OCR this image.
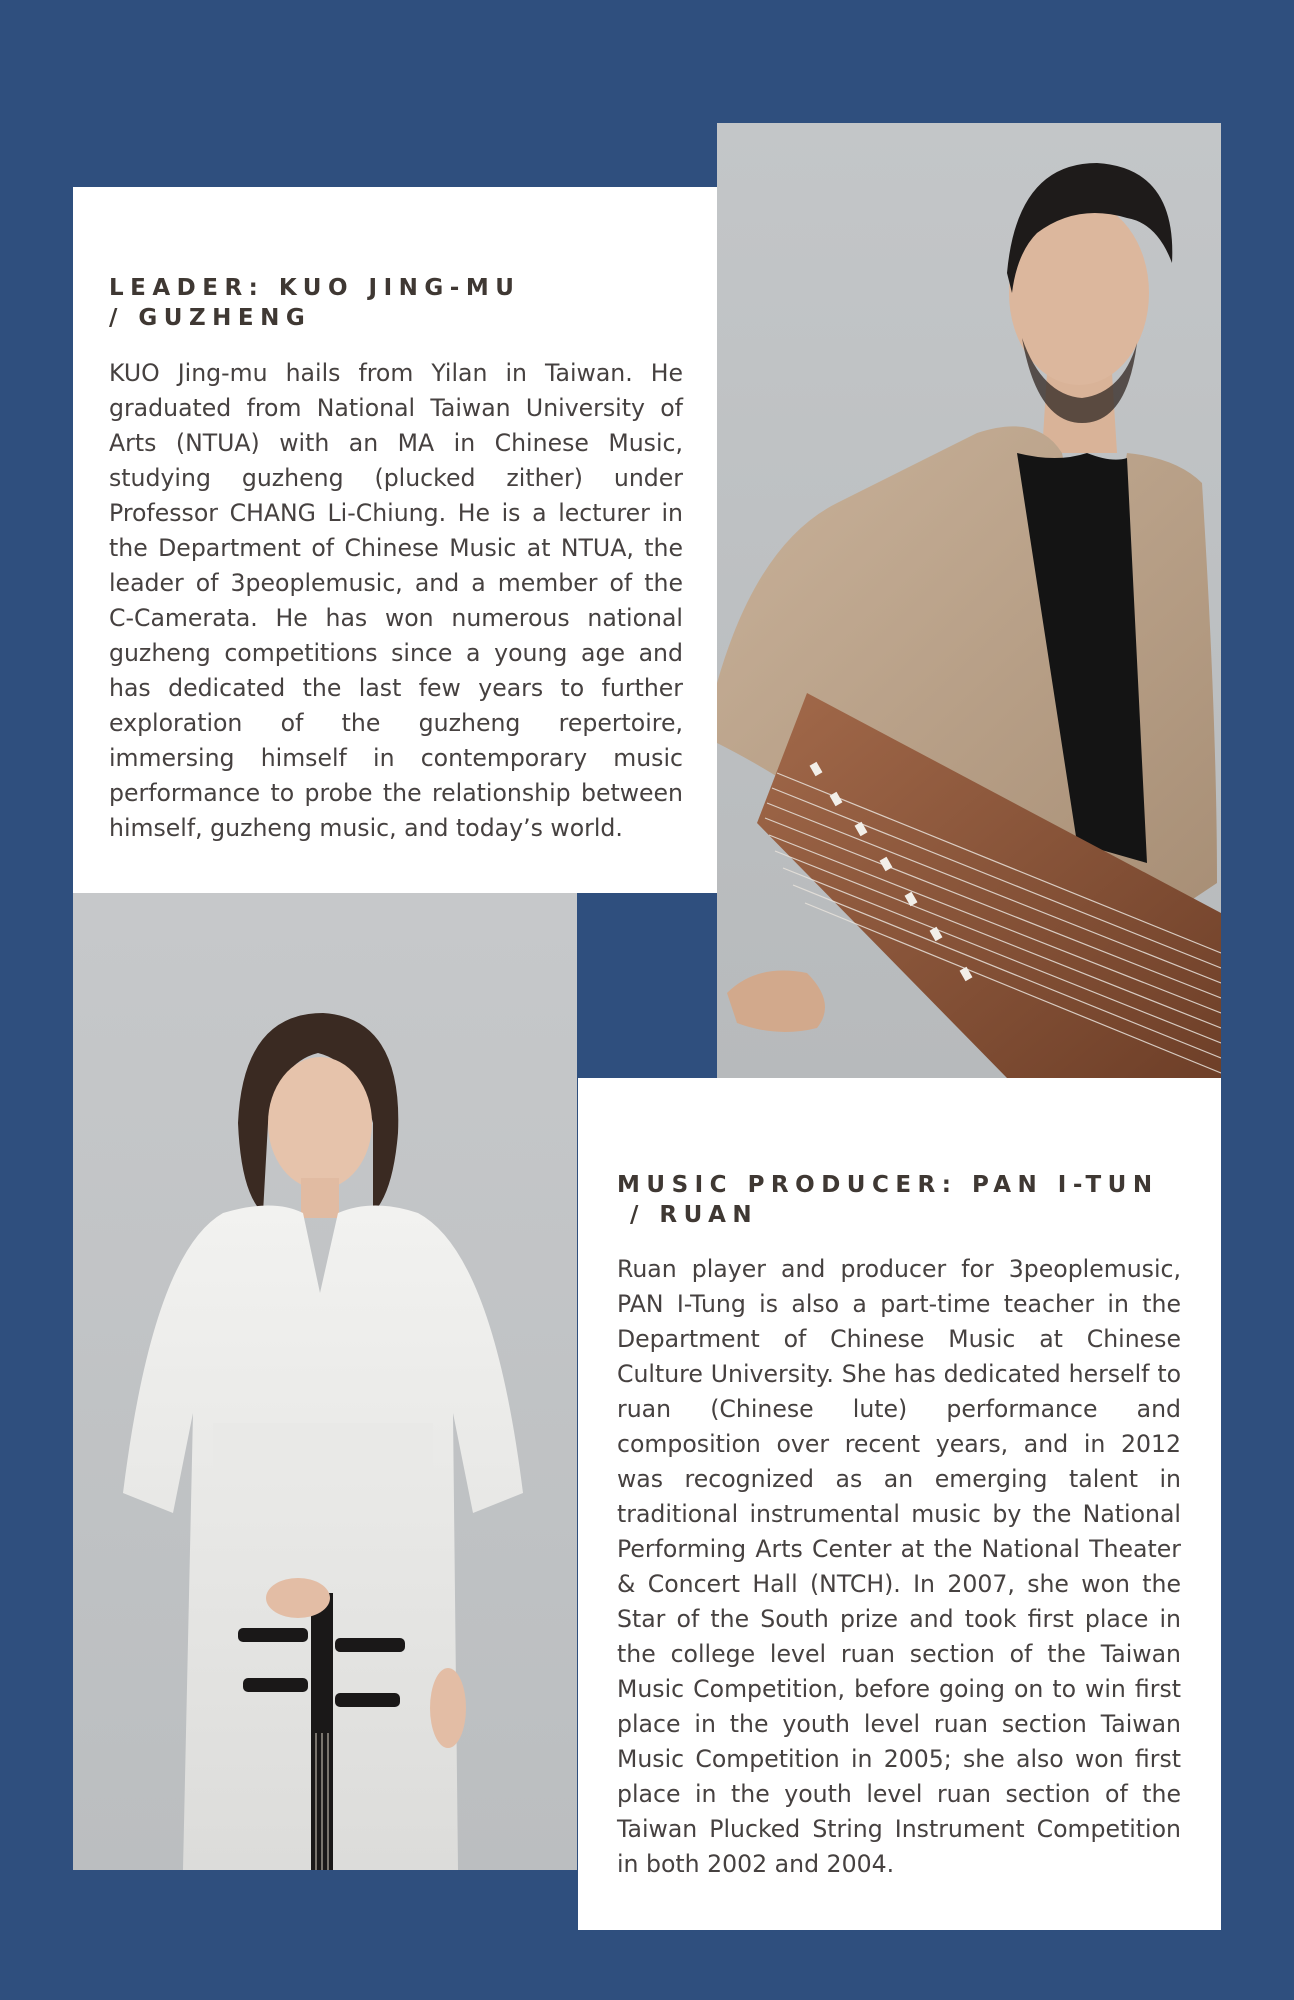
LEADER: KUO JING-MU
/ GUZHENG

KUO Jing-mu hails from Yilan in Taiwan. He graduated from National Taiwan University of Arts (NTUA) with an MA in Chinese Music, studying guzheng (plucked zither) under Professor CHANG Li-Chiung. He is a lecturer in the Department of Chinese Music at NTUA, the leader of 3peoplemusic, and a member of the C-Camerata. He has won numerous national guzheng competitions since a young age and has dedicated the last few years to further exploration of the guzheng repertoire, immersing himself in contemporary music performance to probe the relationship between himself, guzheng music, and today’s world.

MUSIC PRODUCER: PAN I-TUN
/ RUAN

Ruan player and producer for 3peoplemusic, PAN I-Tung is also a part-time teacher in the Department of Chinese Music at Chinese Culture University. She has dedicated herself to ruan (Chinese lute) performance and composition over recent years, and in 2012 was recognized as an emerging talent in traditional instrumental music by the National Performing Arts Center at the National Theater & Concert Hall (NTCH). In 2007, she won the Star of the South prize and took first place in the college level ruan section of the Taiwan Music Competition, before going on to win first place in the youth level ruan section Taiwan Music Competition in 2005; she also won first place in the youth level ruan section of the Taiwan Plucked String Instrument Competition in both 2002 and 2004.
